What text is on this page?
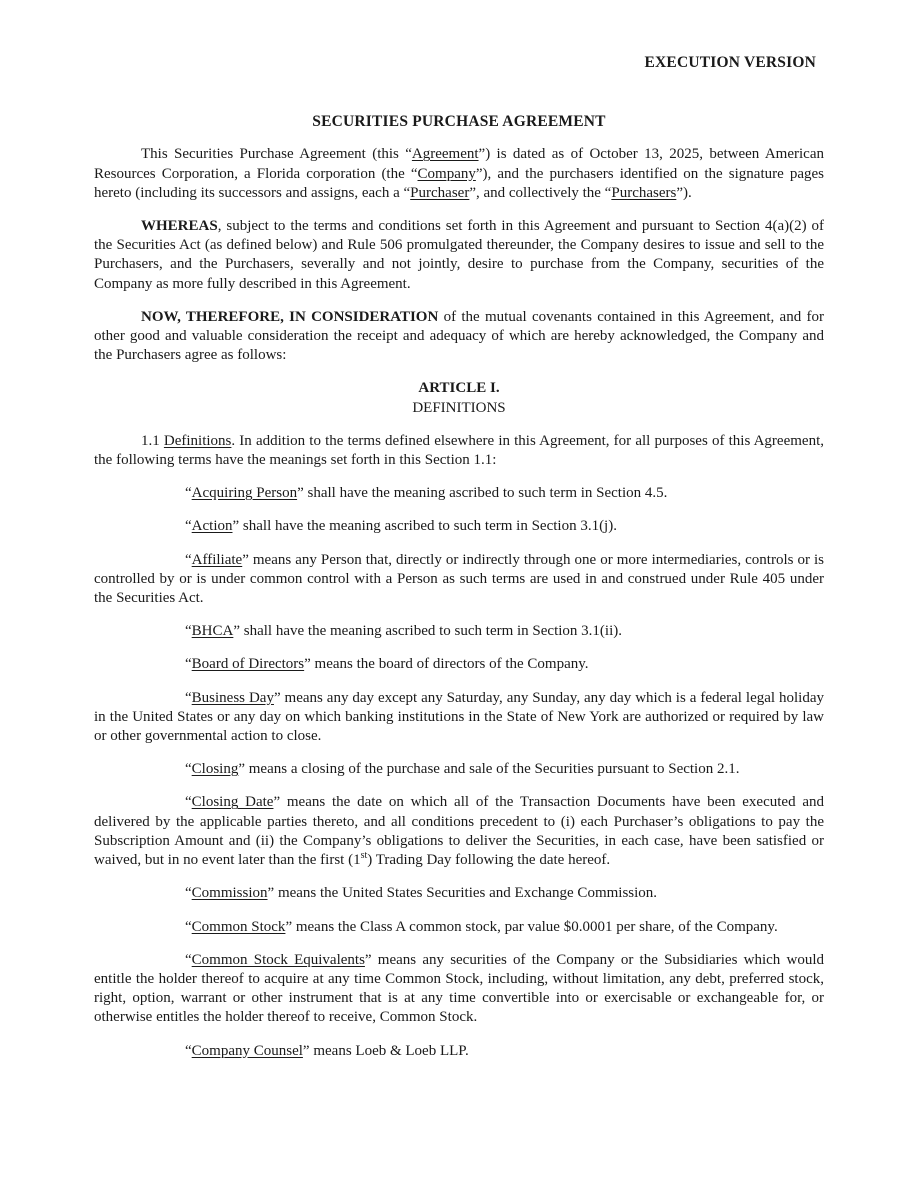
EXECUTION VERSION
SECURITIES PURCHASE AGREEMENT

This Securities Purchase Agreement (this “Agreement”) is dated as of October 13, 2025, between American Resources Corporation, a Florida corporation (the “Company”), and the purchasers identified on the signature pages hereto (including its successors and assigns, each a “Purchaser”, and collectively the “Purchasers”).

WHEREAS, subject to the terms and conditions set forth in this Agreement and pursuant to Section 4(a)(2) of the Securities Act (as defined below) and Rule 506 promulgated thereunder, the Company desires to issue and sell to the Purchasers, and the Purchasers, severally and not jointly, desire to purchase from the Company, securities of the Company as more fully described in this Agreement.

NOW, THEREFORE, IN CONSIDERATION of the mutual covenants contained in this Agreement, and for other good and valuable consideration the receipt and adequacy of which are hereby acknowledged, the Company and the Purchasers agree as follows:

ARTICLE I.

DEFINITIONS

1.1 Definitions. In addition to the terms defined elsewhere in this Agreement, for all purposes of this Agreement, the following terms have the meanings set forth in this Section 1.1:

“Acquiring Person” shall have the meaning ascribed to such term in Section 4.5.

“Action” shall have the meaning ascribed to such term in Section 3.1(j).

“Affiliate” means any Person that, directly or indirectly through one or more intermediaries, controls or is controlled by or is under common control with a Person as such terms are used in and construed under Rule 405 under the Securities Act.

“BHCA” shall have the meaning ascribed to such term in Section 3.1(ii).

“Board of Directors” means the board of directors of the Company.

“Business Day” means any day except any Saturday, any Sunday, any day which is a federal legal holiday in the United States or any day on which banking institutions in the State of New York are authorized or required by law or other governmental action to close.

“Closing” means a closing of the purchase and sale of the Securities pursuant to Section 2.1.

“Closing Date” means the date on which all of the Transaction Documents have been executed and delivered by the applicable parties thereto, and all conditions precedent to (i) each Purchaser’s obligations to pay the Subscription Amount and (ii) the Company’s obligations to deliver the Securities, in each case, have been satisfied or waived, but in no event later than the first (1st) Trading Day following the date hereof.

“Commission” means the United States Securities and Exchange Commission.

“Common Stock” means the Class A common stock, par value $0.0001 per share, of the Company.

“Common Stock Equivalents” means any securities of the Company or the Subsidiaries which would entitle the holder thereof to acquire at any time Common Stock, including, without limitation, any debt, preferred stock, right, option, warrant or other instrument that is at any time convertible into or exercisable or exchangeable for, or otherwise entitles the holder thereof to receive, Common Stock.

“Company Counsel” means Loeb & Loeb LLP.
